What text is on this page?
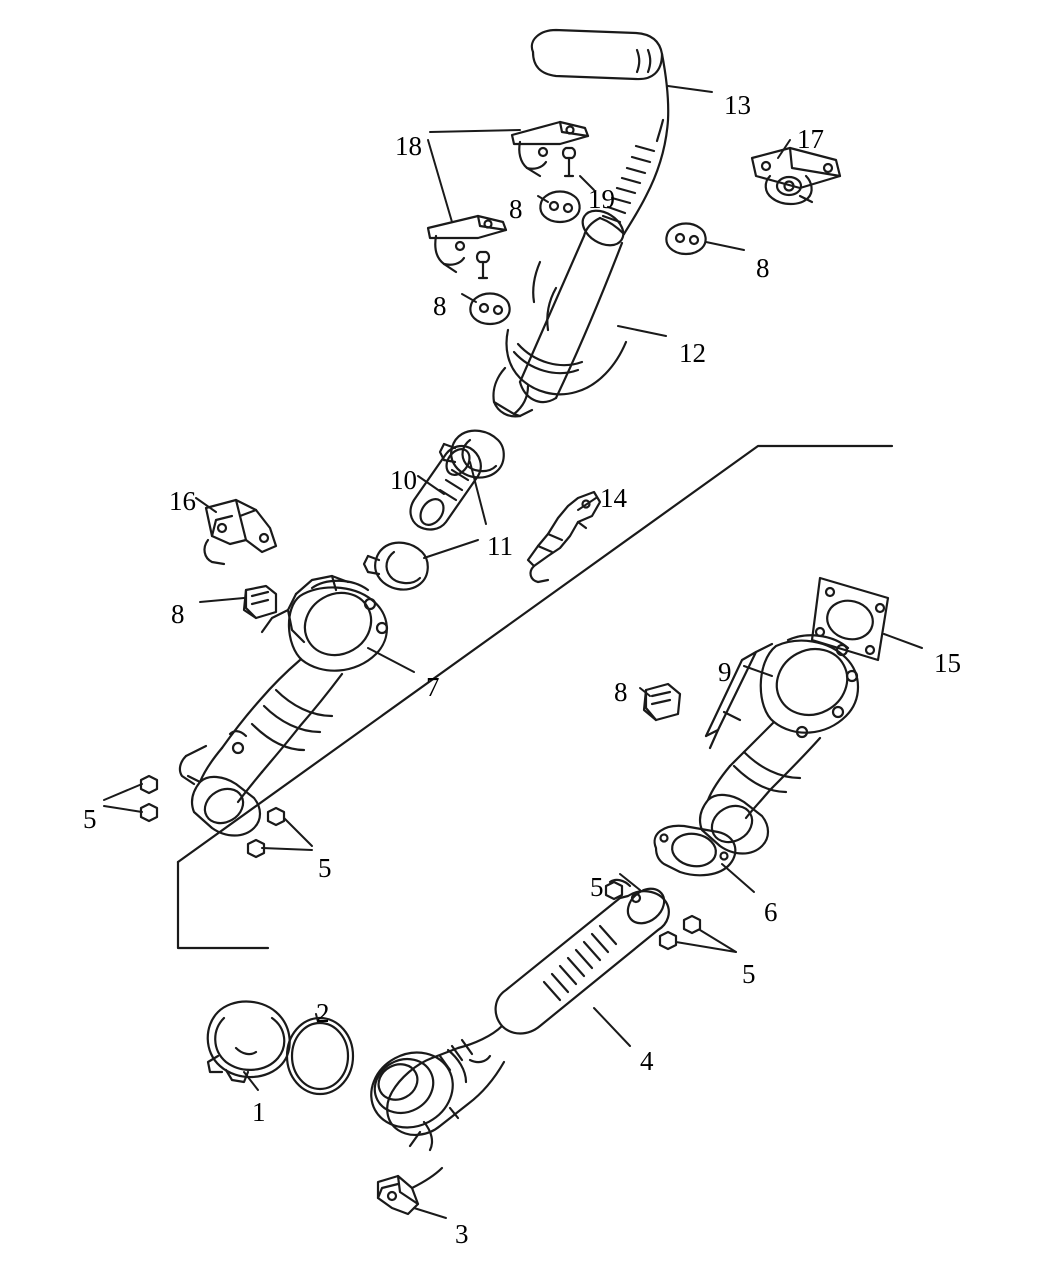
1
2
3
4
5
5
5
5
6
7
8
8
8
8
8
9
10
11
12
13
14
15
16
17
18
19
